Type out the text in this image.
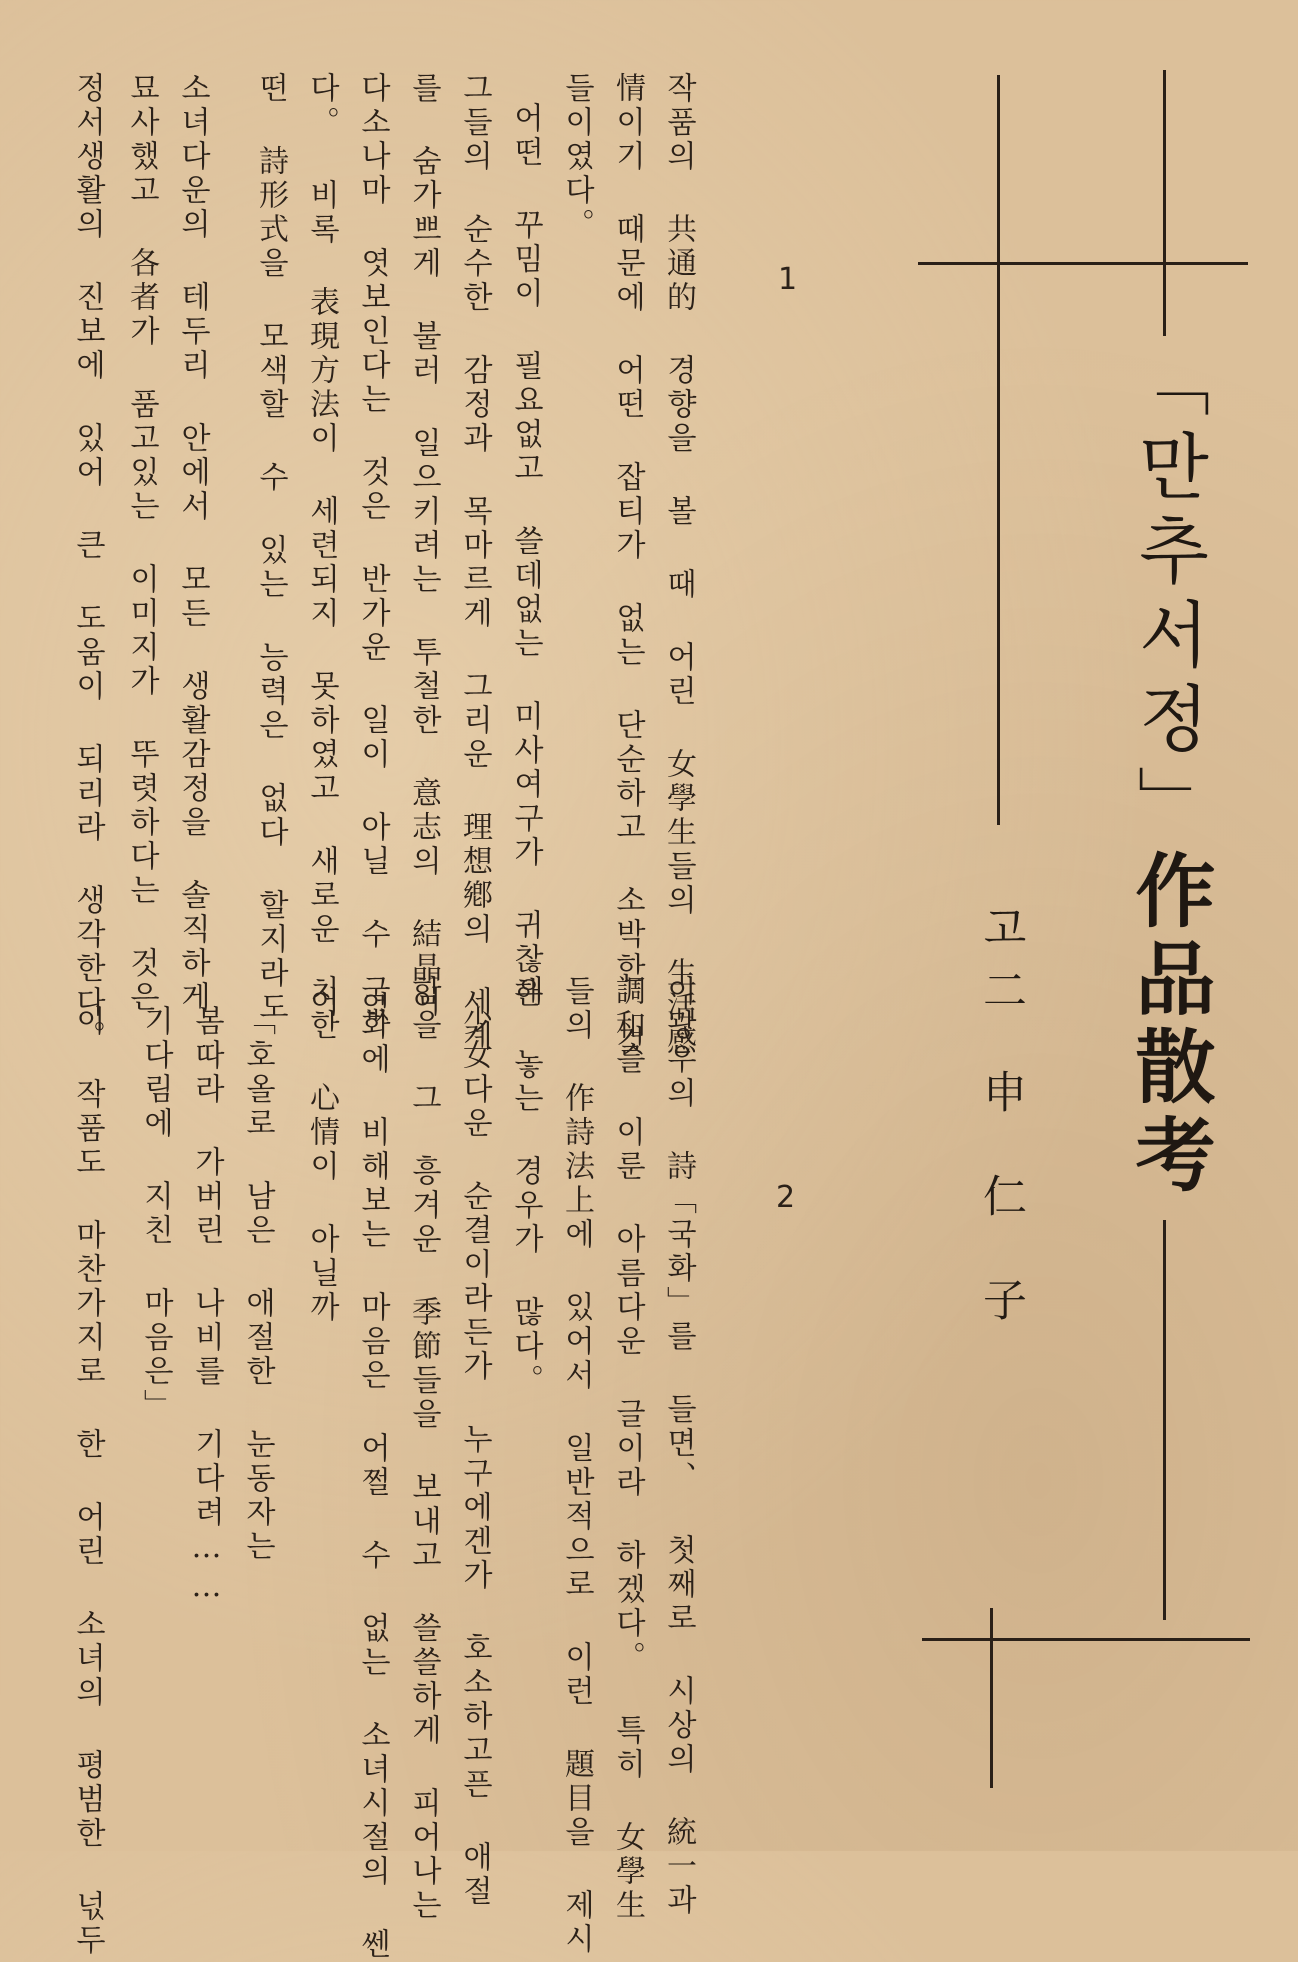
「만추서정」作品散考
고二申仁子
1
2
작품의 共通的 경향을 볼 때 어린 女學生들의 生活感
情이기 때문에 어떤 잡티가 없는 단순하고 소박한 것
들이였다。
어떤 꾸밈이 필요없고 쓸데없는 미사여구가 귀찮은
그들의 순수한 감정과 목마르게 그리운 理想鄕의 세계
를 숨가쁘게 불러 일으키려는 투철한 意志의 結晶이
다소나마 엿보인다는 것은 반가운 일이 아닐 수 없
다。 비록 表現方法이 세련되지 못하였고 새로운 어
떤 詩形式을 모색할 수 있는 능력은 없다 할지라도
소녀다운의 테두리 안에서 모든 생활감정을 솔직하게
묘사했고 各者가 품고있는 이미지가 뚜렷하다는 것은
정서생활의 진보에 있어 큰 도움이 되리라 생각한다。
이광우의 詩「국화」를 들면、 첫째로 시상의 統一과
調和를 이룬 아름다운 글이라 하겠다。 특히 女學生
들의 作詩法上에 있어서 일반적으로 이런 題目을 제시
해 놓는 경우가 많다。
少女다운 순결이라든가 누구에겐가 호소하고픈 애절
함을 그 흥겨운 季節들을 보내고 쓸쓸하게 피어나는
국화에 비해보는 마음은 어쩔 수 없는 소녀시절의 쎈
치한 心情이 아닐까
「호올로 남은 애절한 눈동자는
봄따라 가버린 나비를 기다려……
기다림에 지친 마음은」
이 작품도 마찬가지로 한 어린 소녀의 평범한 넋두
